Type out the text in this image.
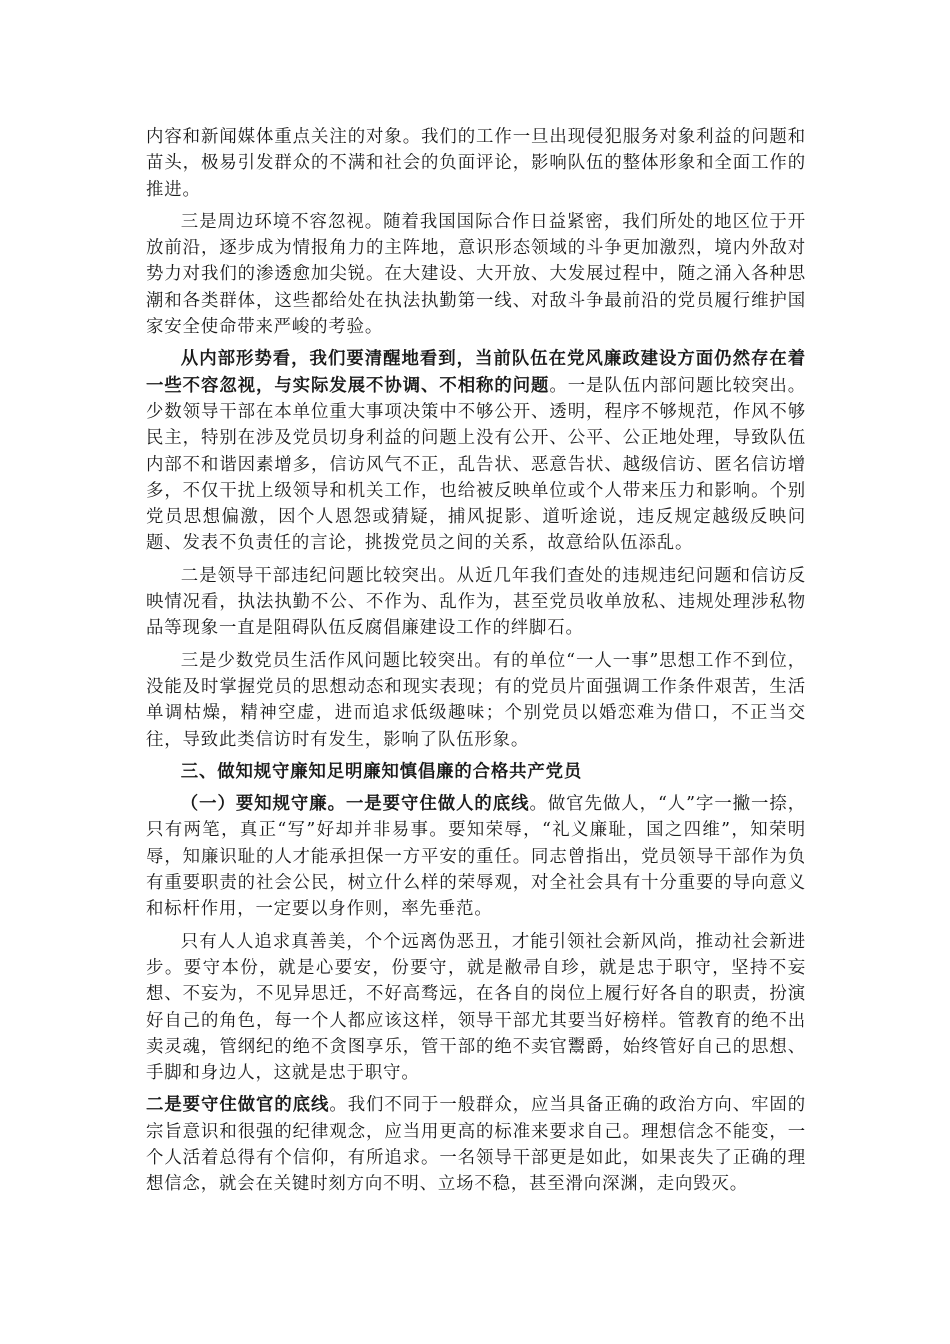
内容和新闻媒体重点关注的对象。我们的工作一旦出现侵犯服务对象利益的问题和苗头，极易引发群众的不满和社会的负面评论，影响队伍的整体形象和全面工作的推进。

三是周边环境不容忽视。随着我国国际合作日益紧密，我们所处的地区位于开放前沿，逐步成为情报角力的主阵地，意识形态领域的斗争更加激烈，境内外敌对势力对我们的渗透愈加尖锐。在大建设、大开放、大发展过程中，随之涌入各种思潮和各类群体，这些都给处在执法执勤第一线、对敌斗争最前沿的党员履行维护国家安全使命带来严峻的考验。

从内部形势看，我们要清醒地看到，当前队伍在党风廉政建设方面仍然存在着一些不容忽视，与实际发展不协调、不相称的问题。一是队伍内部问题比较突出。少数领导干部在本单位重大事项决策中不够公开、透明，程序不够规范，作风不够民主，特别在涉及党员切身利益的问题上没有公开、公平、公正地处理，导致队伍内部不和谐因素增多，信访风气不正，乱告状、恶意告状、越级信访、匿名信访增多，不仅干扰上级领导和机关工作，也给被反映单位或个人带来压力和影响。个别党员思想偏激，因个人恩怨或猜疑，捕风捉影、道听途说，违反规定越级反映问题、发表不负责任的言论，挑拨党员之间的关系，故意给队伍添乱。

二是领导干部违纪问题比较突出。从近几年我们查处的违规违纪问题和信访反映情况看，执法执勤不公、不作为、乱作为，甚至党员收单放私、违规处理涉私物品等现象一直是阻碍队伍反腐倡廉建设工作的绊脚石。

三是少数党员生活作风问题比较突出。有的单位“一人一事”思想工作不到位，没能及时掌握党员的思想动态和现实表现；有的党员片面强调工作条件艰苦，生活单调枯燥，精神空虚，进而追求低级趣味；个别党员以婚恋难为借口，不正当交往，导致此类信访时有发生，影响了队伍形象。

三、做知规守廉知足明廉知慎倡廉的合格共产党员

（一）要知规守廉。一是要守住做人的底线。做官先做人，“人”字一撇一捺，只有两笔，真正“写”好却并非易事。要知荣辱，“礼义廉耻，国之四维”，知荣明辱，知廉识耻的人才能承担保一方平安的重任。同志曾指出，党员领导干部作为负有重要职责的社会公民，树立什么样的荣辱观，对全社会具有十分重要的导向意义和标杆作用，一定要以身作则，率先垂范。

只有人人追求真善美，个个远离伪恶丑，才能引领社会新风尚，推动社会新进步。要守本份，就是心要安，份要守，就是敝帚自珍，就是忠于职守，坚持不妄想、不妄为，不见异思迁，不好高骛远，在各自的岗位上履行好各自的职责，扮演好自己的角色，每一个人都应该这样，领导干部尤其要当好榜样。管教育的绝不出卖灵魂，管纲纪的绝不贪图享乐，管干部的绝不卖官鬻爵，始终管好自己的思想、手脚和身边人，这就是忠于职守。

二是要守住做官的底线。我们不同于一般群众，应当具备正确的政治方向、牢固的宗旨意识和很强的纪律观念，应当用更高的标准来要求自己。理想信念不能变，一个人活着总得有个信仰，有所追求。一名领导干部更是如此，如果丧失了正确的理想信念，就会在关键时刻方向不明、立场不稳，甚至滑向深渊，走向毁灭。
